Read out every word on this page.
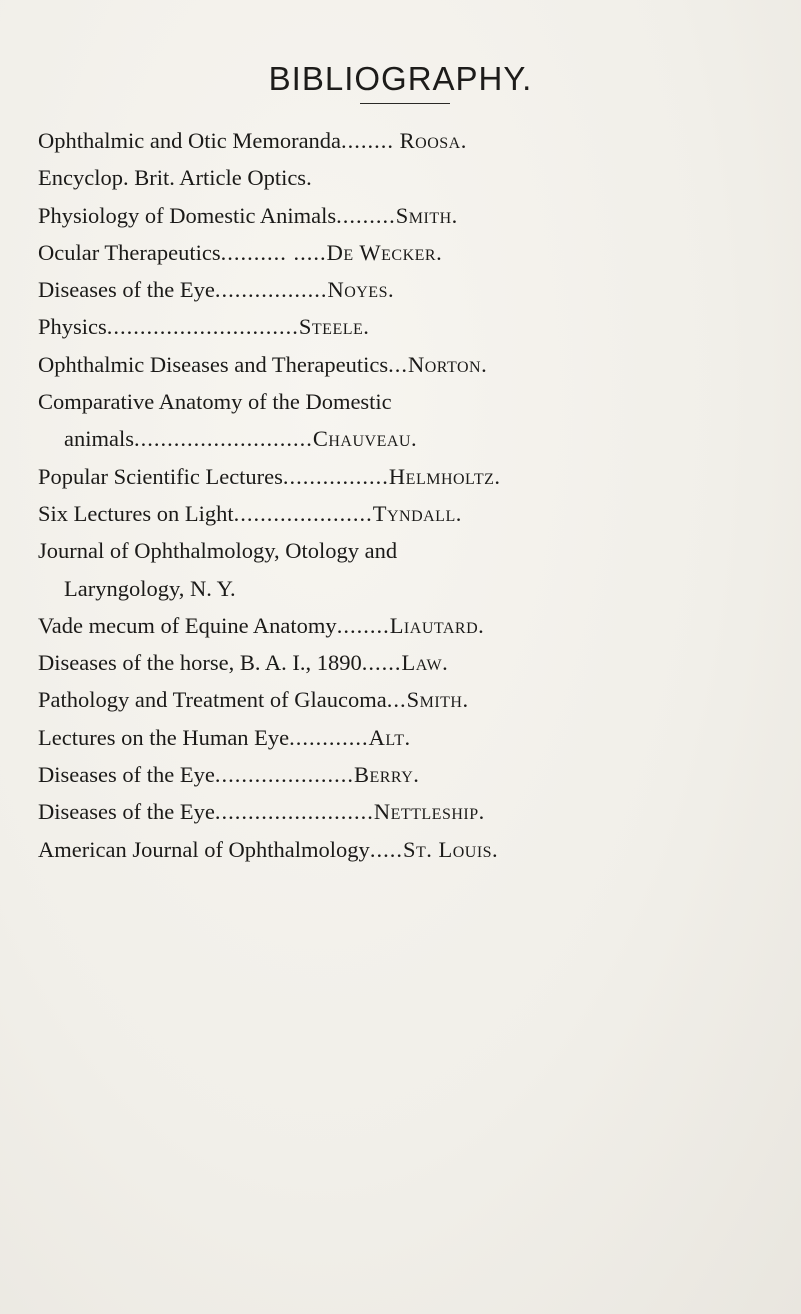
BIBLIOGRAPHY.
Ophthalmic and Otic Memoranda........ Roosa.
Encyclop. Brit. Article Optics.
Physiology of Domestic Animals.........Smith.
Ocular Therapeutics.......... .....De Wecker.
Diseases of the Eye.................Noyes.
Physics.............................Steele.
Ophthalmic Diseases and Therapeutics...Norton.
Comparative Anatomy of the Domestic
animals...........................Chauveau.
Popular Scientific Lectures................Helmholtz.
Six Lectures on Light.....................Tyndall.
Journal of Ophthalmology, Otology and
Laryngology, N. Y.
Vade mecum of Equine Anatomy........Liautard.
Diseases of the horse, B. A. I., 1890......Law.
Pathology and Treatment of Glaucoma...Smith.
Lectures on the Human Eye............Alt.
Diseases of the Eye.....................Berry.
Diseases of the Eye........................Nettleship.
American Journal of Ophthalmology.....St. Louis.
